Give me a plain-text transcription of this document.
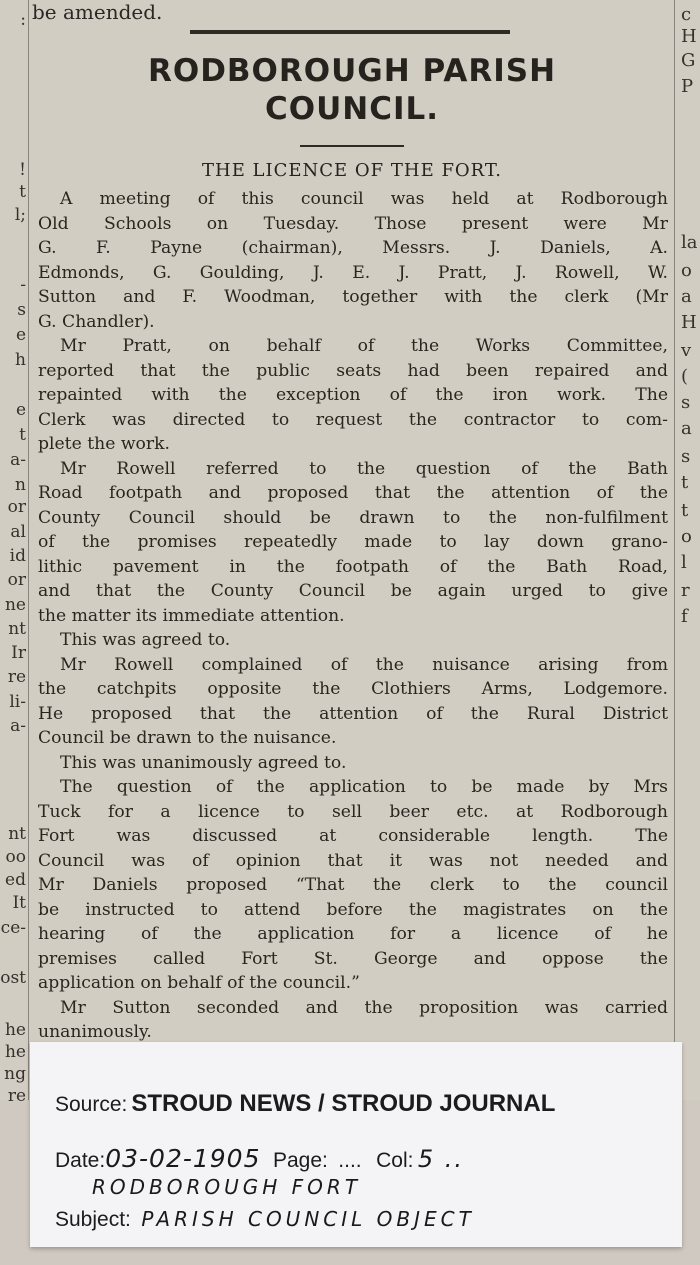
:
!
t
l;
-
s
e
h
e
t
a-
n
or
al
id
or
ne
nt
Ir
re
li-
a-
nt
oo
ed
It
ce-
ost
he
he
ng
re
be amended.
RODBOROUGH PARISH
COUNCIL.
THE LICENCE OF THE FORT.
A meeting of this council was held at Rodborough
Old Schools on Tuesday. Those present were Mr
G. F. Payne (chairman), Messrs. J. Daniels, A.
Edmonds, G. Goulding, J. E. J. Pratt, J. Rowell, W.
Sutton and F. Woodman, together with the clerk (Mr
G. Chandler).
Mr Pratt, on behalf of the Works Committee,
reported that the public seats had been repaired and
repainted with the exception of the iron work. The
Clerk was directed to request the contractor to com-
plete the work.
Mr Rowell referred to the question of the Bath
Road footpath and proposed that the attention of the
County Council should be drawn to the non-fulfilment
of the promises repeatedly made to lay down grano-
lithic pavement in the footpath of the Bath Road,
and that the County Council be again urged to give
the matter its immediate attention.
This was agreed to.
Mr Rowell complained of the nuisance arising from
the catchpits opposite the Clothiers Arms, Lodgemore.
He proposed that the attention of the Rural District
Council be drawn to the nuisance.
This was unanimously agreed to.
The question of the application to be made by Mrs
Tuck for a licence to sell beer etc. at Rodborough
Fort was discussed at considerable length. The
Council was of opinion that it was not needed and
Mr Daniels proposed “That the clerk to the council
be instructed to attend before the magistrates on the
hearing of the application for a licence of he
premises called Fort St. George and oppose the
application on behalf of the council.”
Mr Sutton seconded and the proposition was carried
unanimously.
c
H
G
P
la
o
a
H
v
(
s
a
s
t
t
o
l
r
f
Source: STROUD NEWS / STROUD JOURNAL
Date:03-02-1905 Page: .... Col: 5 ..
RODBOROUGH FORT
Subject: PARISH COUNCIL OBJECT
